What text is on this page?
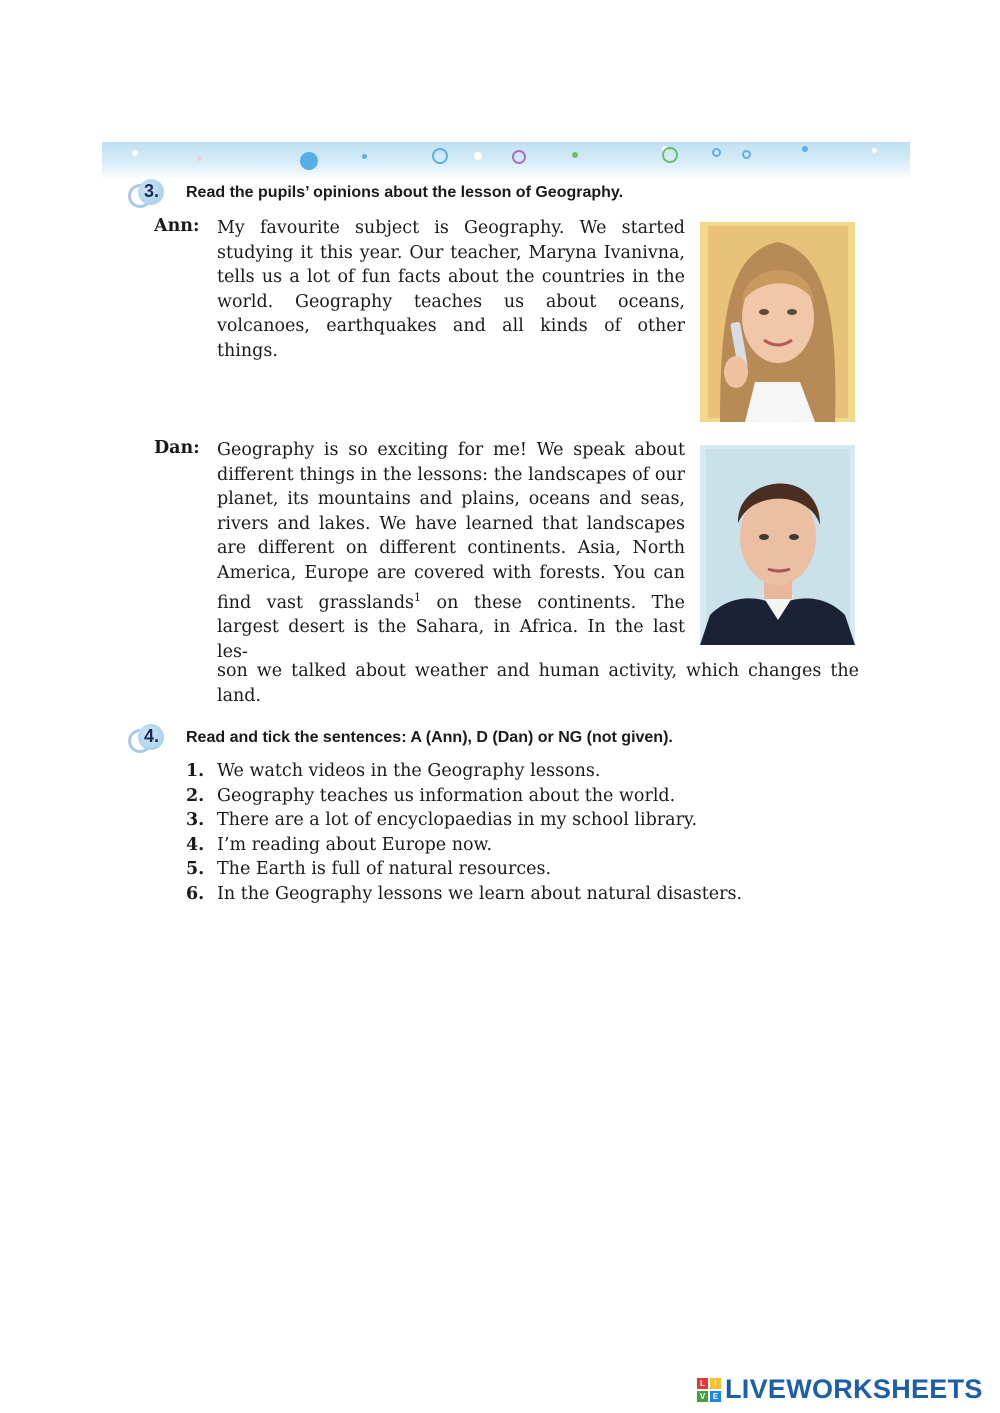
3. Read the pupils’ opinions about the lesson of Geography.
Ann: My favourite subject is Geography. We started studying it this year. Our teacher, Maryna Ivanivna, tells us a lot of fun facts about the countries in the world. Geography teaches us about oceans, volcanoes, earthquakes and all kinds of other things.

Dan: Geography is so exciting for me! We speak about different things in the lessons: the landscapes of our planet, its mountains and plains, oceans and seas, rivers and lakes. We have learned that landscapes are different on different continents. Asia, North America, Europe are covered with forests. You can find vast grasslands$^1$ on these continents. The largest desert is the Sahara, in Africa. In the last les-

son we talked about weather and human activity, which changes the land.

4. Read and tick the sentences: A (Ann), D (Dan) or NG (not given).
1. We watch videos in the Geography lessons.
2. Geography teaches us information about the world.
3. There are a lot of encyclopaedias in my school library.
4. I’m reading about Europe now.
5. The Earth is full of natural resources.
6. In the Geography lessons we learn about natural disasters.
L	I
V E LIVEWORKSHEETS
